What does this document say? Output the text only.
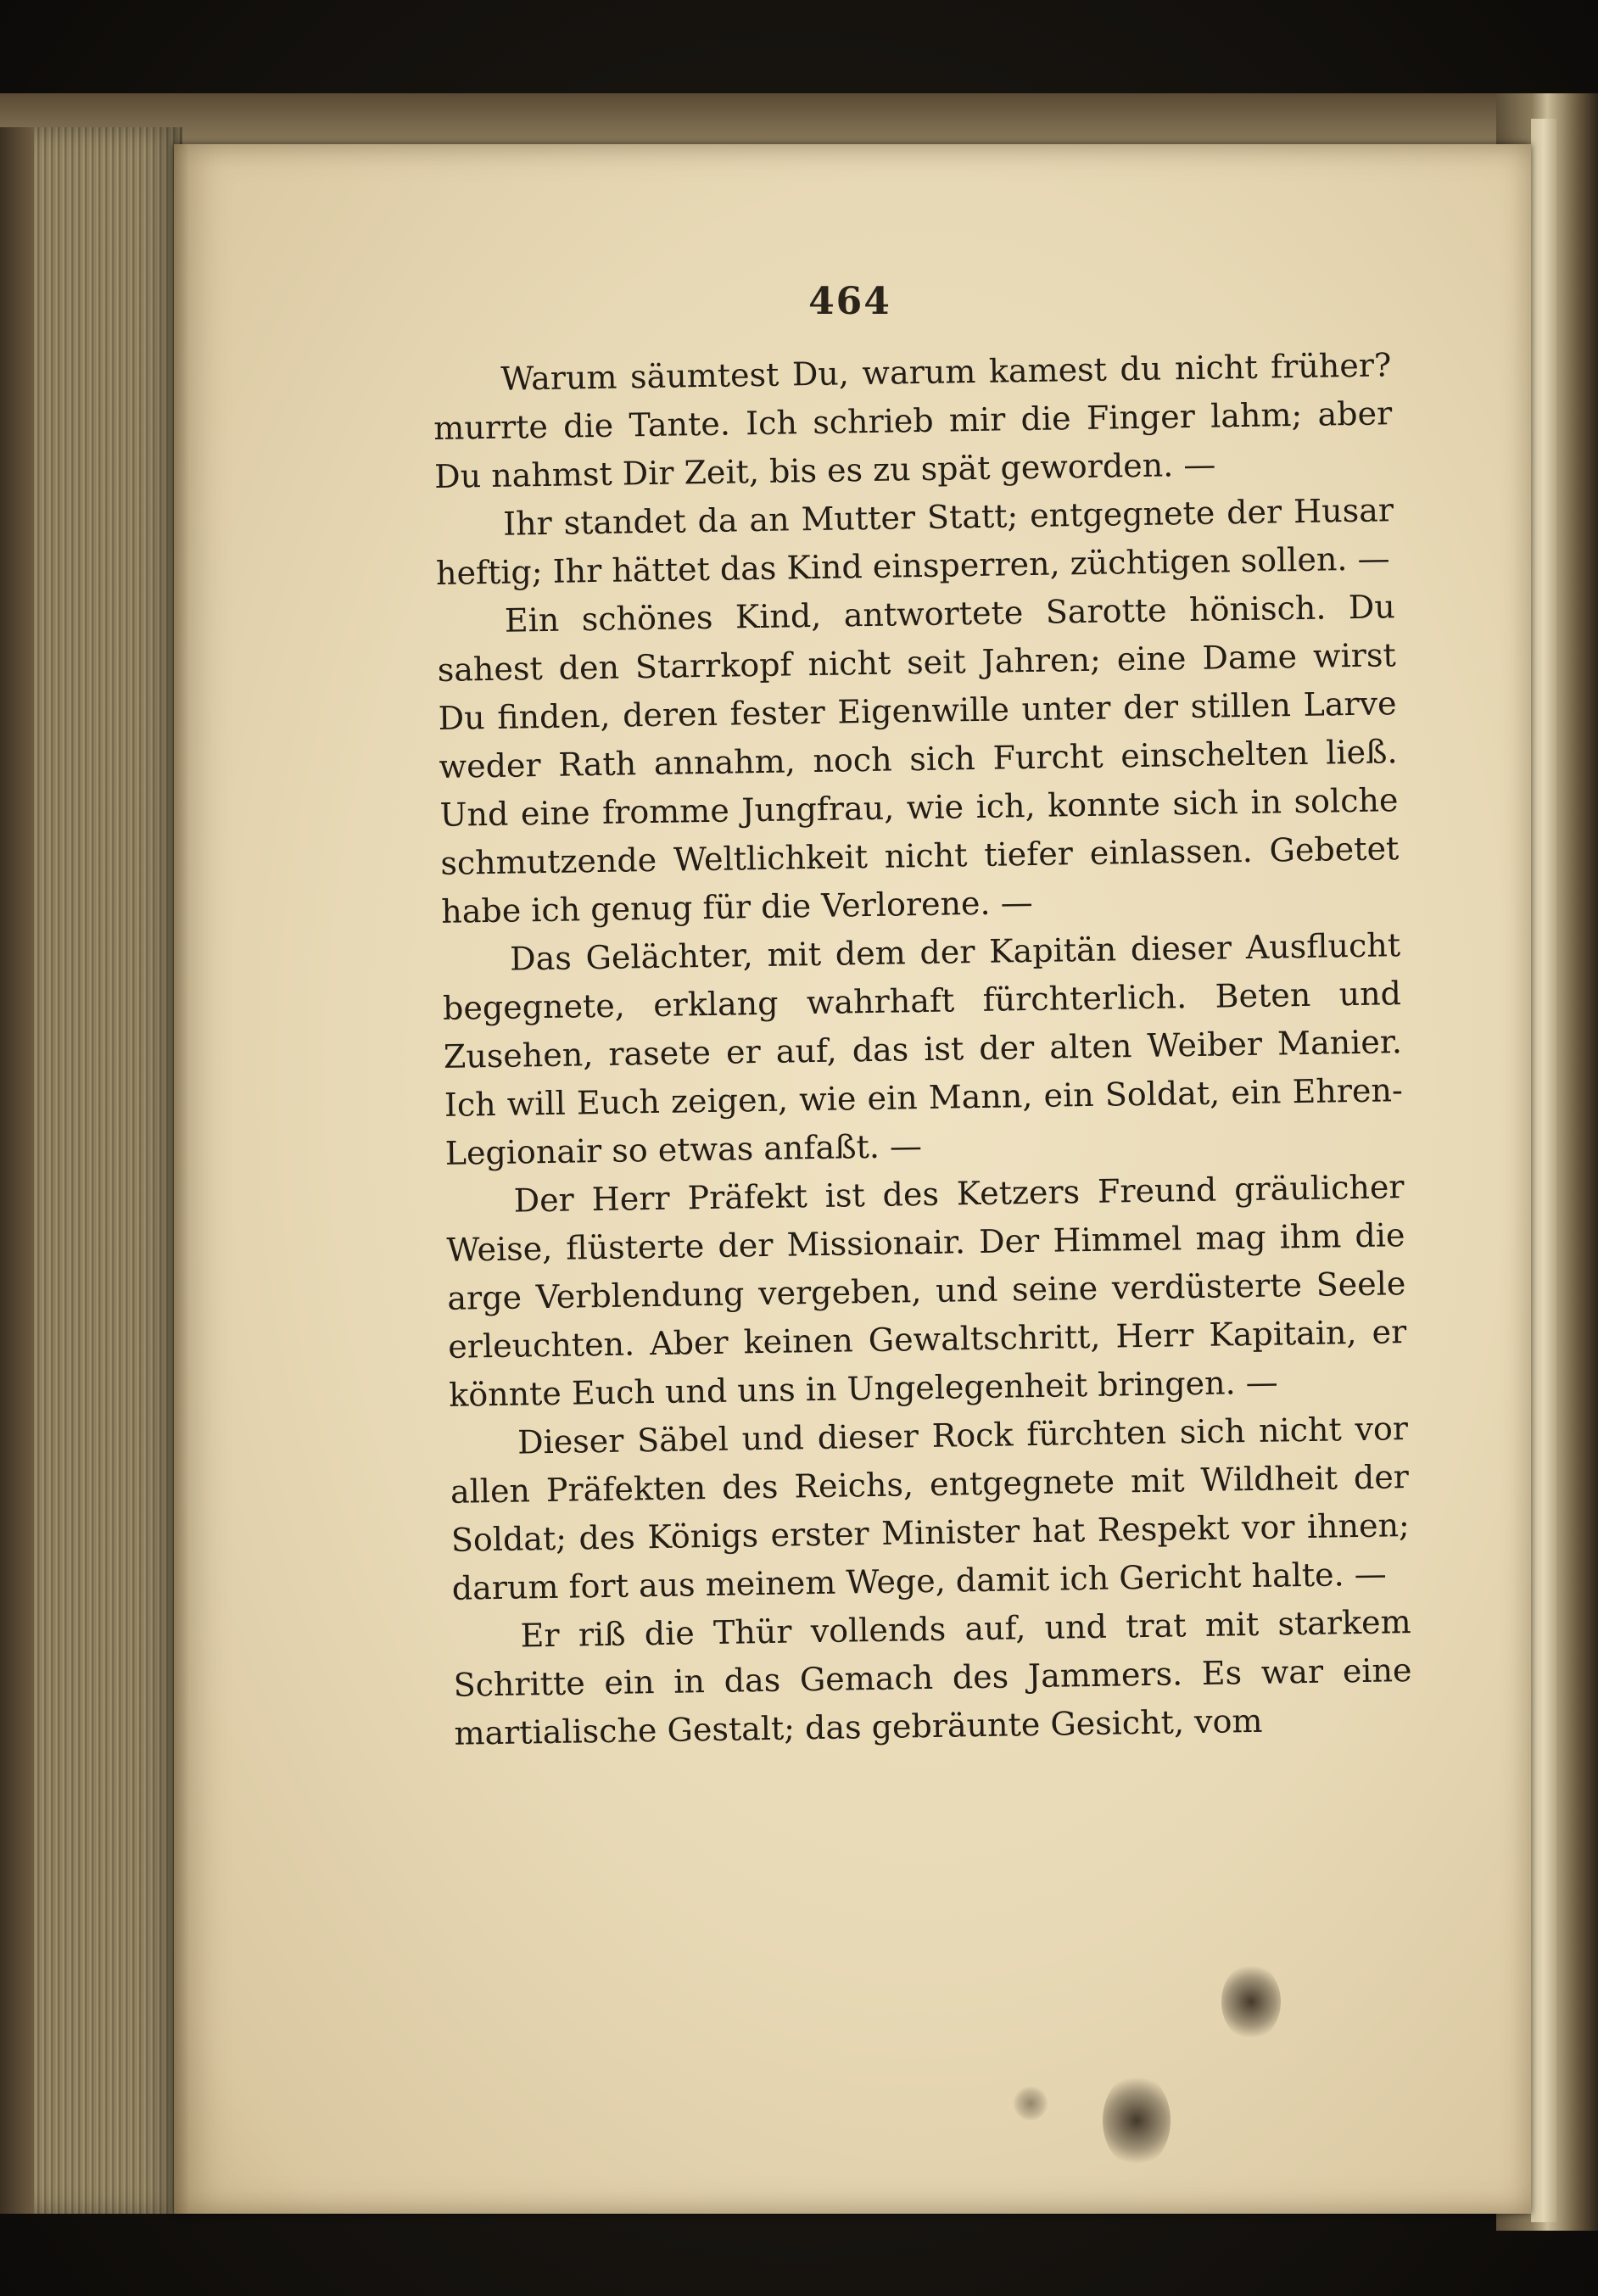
464

Warum säumtest Du, warum kamest du nicht früher? murrte die Tante. Ich schrieb mir die Finger lahm; aber Du nahmst Dir Zeit, bis es zu spät geworden. —

Ihr standet da an Mutter Statt; entgegnete der Husar heftig; Ihr hättet das Kind einsperren, züchtigen sollen. —

Ein schönes Kind, antwortete Sarotte hönisch. Du sahest den Starrkopf nicht seit Jahren; eine Dame wirst Du finden, deren fester Eigenwille unter der stillen Larve weder Rath annahm, noch sich Furcht einschelten ließ. Und eine fromme Jungfrau, wie ich, konnte sich in solche schmutzende Weltlichkeit nicht tiefer einlassen. Gebetet habe ich genug für die Verlorene. —

Das Gelächter, mit dem der Kapitän dieser Ausflucht begegnete, erklang wahrhaft fürchterlich. Beten und Zusehen, rasete er auf, das ist der alten Weiber Manier. Ich will Euch zeigen, wie ein Mann, ein Soldat, ein Ehren-Legionair so etwas anfaßt. —

Der Herr Präfekt ist des Ketzers Freund gräulicher Weise, flüsterte der Missionair. Der Himmel mag ihm die arge Verblendung vergeben, und seine verdüsterte Seele erleuchten. Aber keinen Gewaltschritt, Herr Kapitain, er könnte Euch und uns in Ungelegenheit bringen. —

Dieser Säbel und dieser Rock fürchten sich nicht vor allen Präfekten des Reichs, entgegnete mit Wildheit der Soldat; des Königs erster Minister hat Respekt vor ihnen; darum fort aus meinem Wege, damit ich Gericht halte. —

Er riß die Thür vollends auf, und trat mit starkem Schritte ein in das Gemach des Jammers. Es war eine martialische Gestalt; das gebräunte Gesicht, vom
